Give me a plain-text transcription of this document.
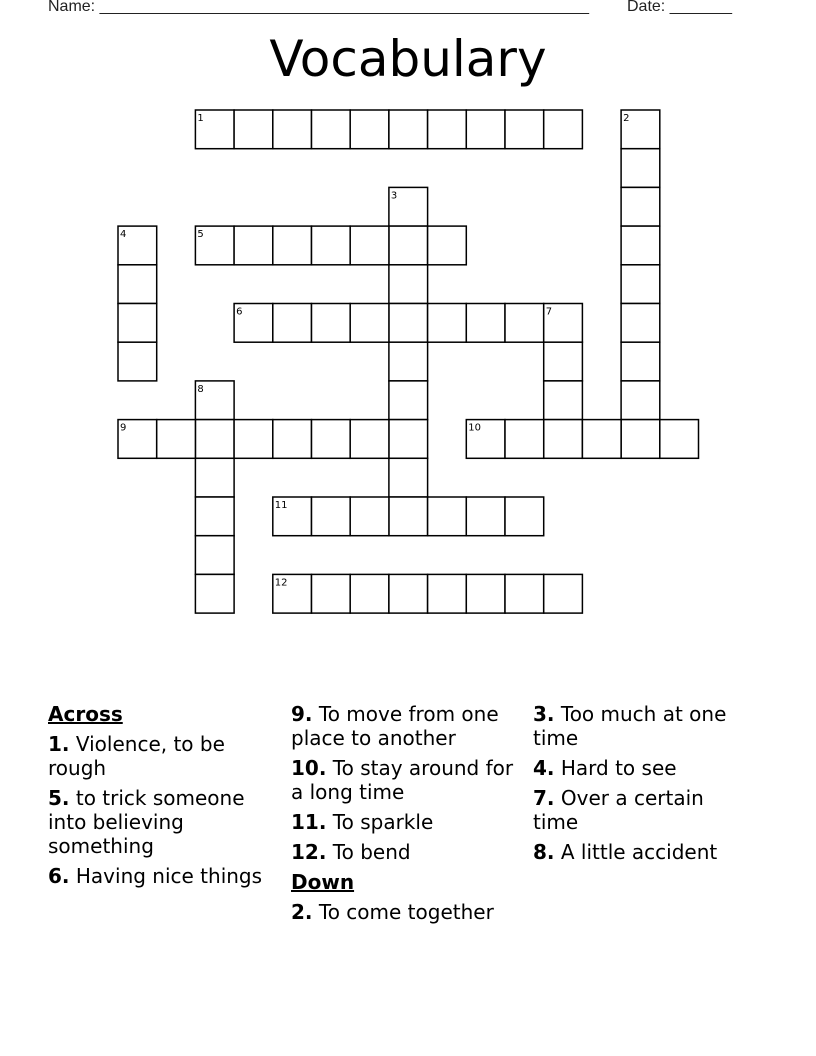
Name: _______________________________________________________ Date: _______
Vocabulary
1	2
3
4	5
6	7
8
9	10
11
12
Across
1. Violence, to be rough
5. to trick someone into believing something
6. Having nice things
9. To move from one place to another
10. To stay around for a long time
11. To sparkle
12. To bend
Down
2. To come together
3. Too much at one time
4. Hard to see
7. Over a certain time
8. A little accident
